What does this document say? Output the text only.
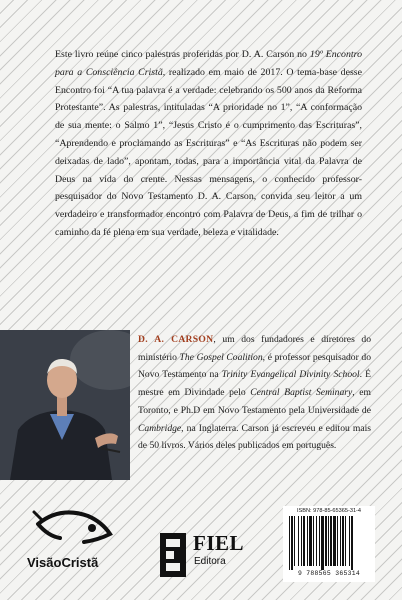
Este livro reúne cinco palestras proferidas por D. A. Carson no 19º Encontro para a Consciência Cristã, realizado em maio de 2017. O tema-base desse Encontro foi “A tua palavra é a verdade: celebrando os 500 anos da Reforma Protestante”. As palestras, intituladas “A prioridade no 1”, “A conformação de sua mente: o Salmo 1”, “Jesus Cristo é o cumprimento das Escrituras”, “Aprendendo e proclamando as Escrituras” e “As Escrituras não podem ser deixadas de lado”, apontam, todas, para a importância vital da Palavra de Deus na vida do crente. Nessas mensagens, o conhecido professor-pesquisador do Novo Testamento D. A. Carson, convida seu leitor a um verdadeiro e transformador encontro com Palavra de Deus, a fim de trilhar o caminho da fé plena em sua verdade, beleza e vitalidade.

D. A. CARSON, um dos fundadores e diretores do ministério The Gospel Coalition, é professor pesquisador do Novo Testamento na Trinity Evangelical Divinity School. É mestre em Divindade pelo Central Baptist Seminary, em Toronto, e Ph.D em Novo Testamento pela Universidade de Cambridge, na Inglaterra. Carson já escreveu e editou mais de 50 livros. Vários deles publicados em português.

VisãoCristã
FIEL
Editora
ISBN: 978-85-65365-31-4
9 788565 365314
